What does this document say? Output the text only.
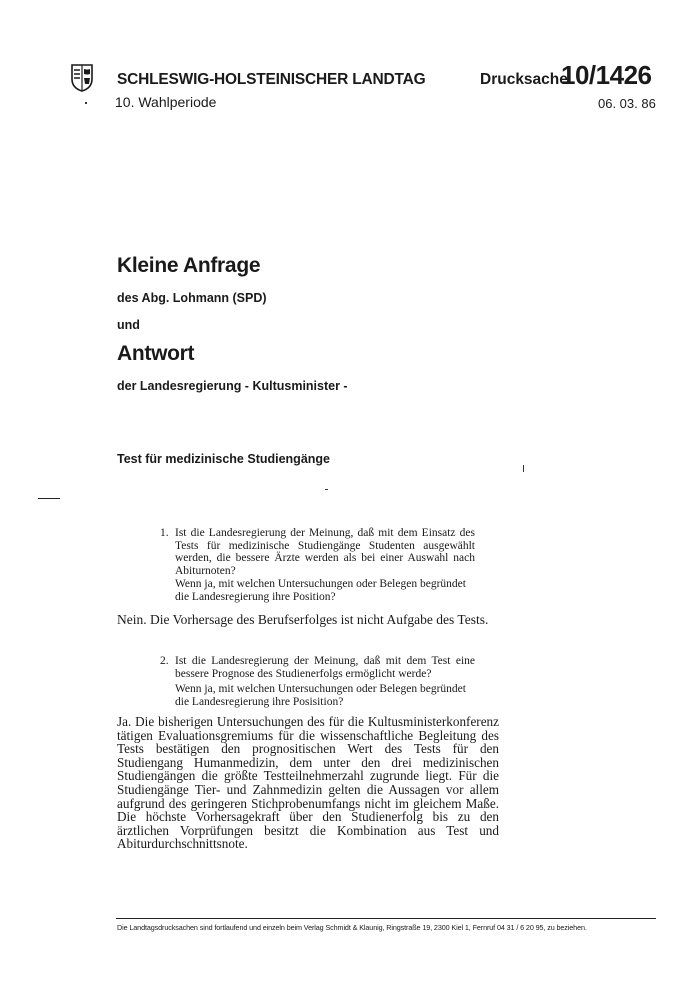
SCHLESWIG-HOLSTEINISCHER LANDTAG
10. Wahlperiode
Drucksache
10/1426
06. 03. 86
Kleine Anfrage
des Abg. Lohmann (SPD)
und
Antwort
der Landesregierung - Kultusminister -
Test für medizinische Studiengänge
1. Ist die Landesregierung der Meinung, daß mit dem Einsatz des Tests für medizinische Studiengänge Studenten ausgewählt werden, die bessere Ärzte werden als bei einer Auswahl nach Abiturnoten?
Wenn ja, mit welchen Untersuchungen oder Belegen begründet die Landesregierung ihre Position?
Nein. Die Vorhersage des Berufserfolges ist nicht Aufgabe des Tests.
2. Ist die Landesregierung der Meinung, daß mit dem Test eine bessere Prognose des Studienerfolgs ermöglicht werde?
Wenn ja, mit welchen Untersuchungen oder Belegen begründet die Landesregierung ihre Posisition?
Ja. Die bisherigen Untersuchungen des für die Kultusministerkonferenz tätigen Evaluationsgremiums für die wissenschaftliche Begleitung des Tests bestätigen den prognositischen Wert des Tests für den Studiengang Humanmedizin, dem unter den drei medizinischen Studiengängen die größte Testteilnehmerzahl zugrunde liegt. Für die Studiengänge Tier- und Zahnmedizin gelten die Aussagen vor allem aufgrund des geringeren Stichprobenumfangs nicht im gleichem Maße. Die höchste Vorhersagekraft über den Studienerfolg bis zu den ärztlichen Vorprüfungen besitzt die Kombination aus Test und Abiturdurchschnittsnote.
Die Landtagsdrucksachen sind fortlaufend und einzeln beim Verlag Schmidt & Klaunig, Ringstraße 19, 2300 Kiel 1, Fernruf 04 31 / 6 20 95, zu beziehen.
